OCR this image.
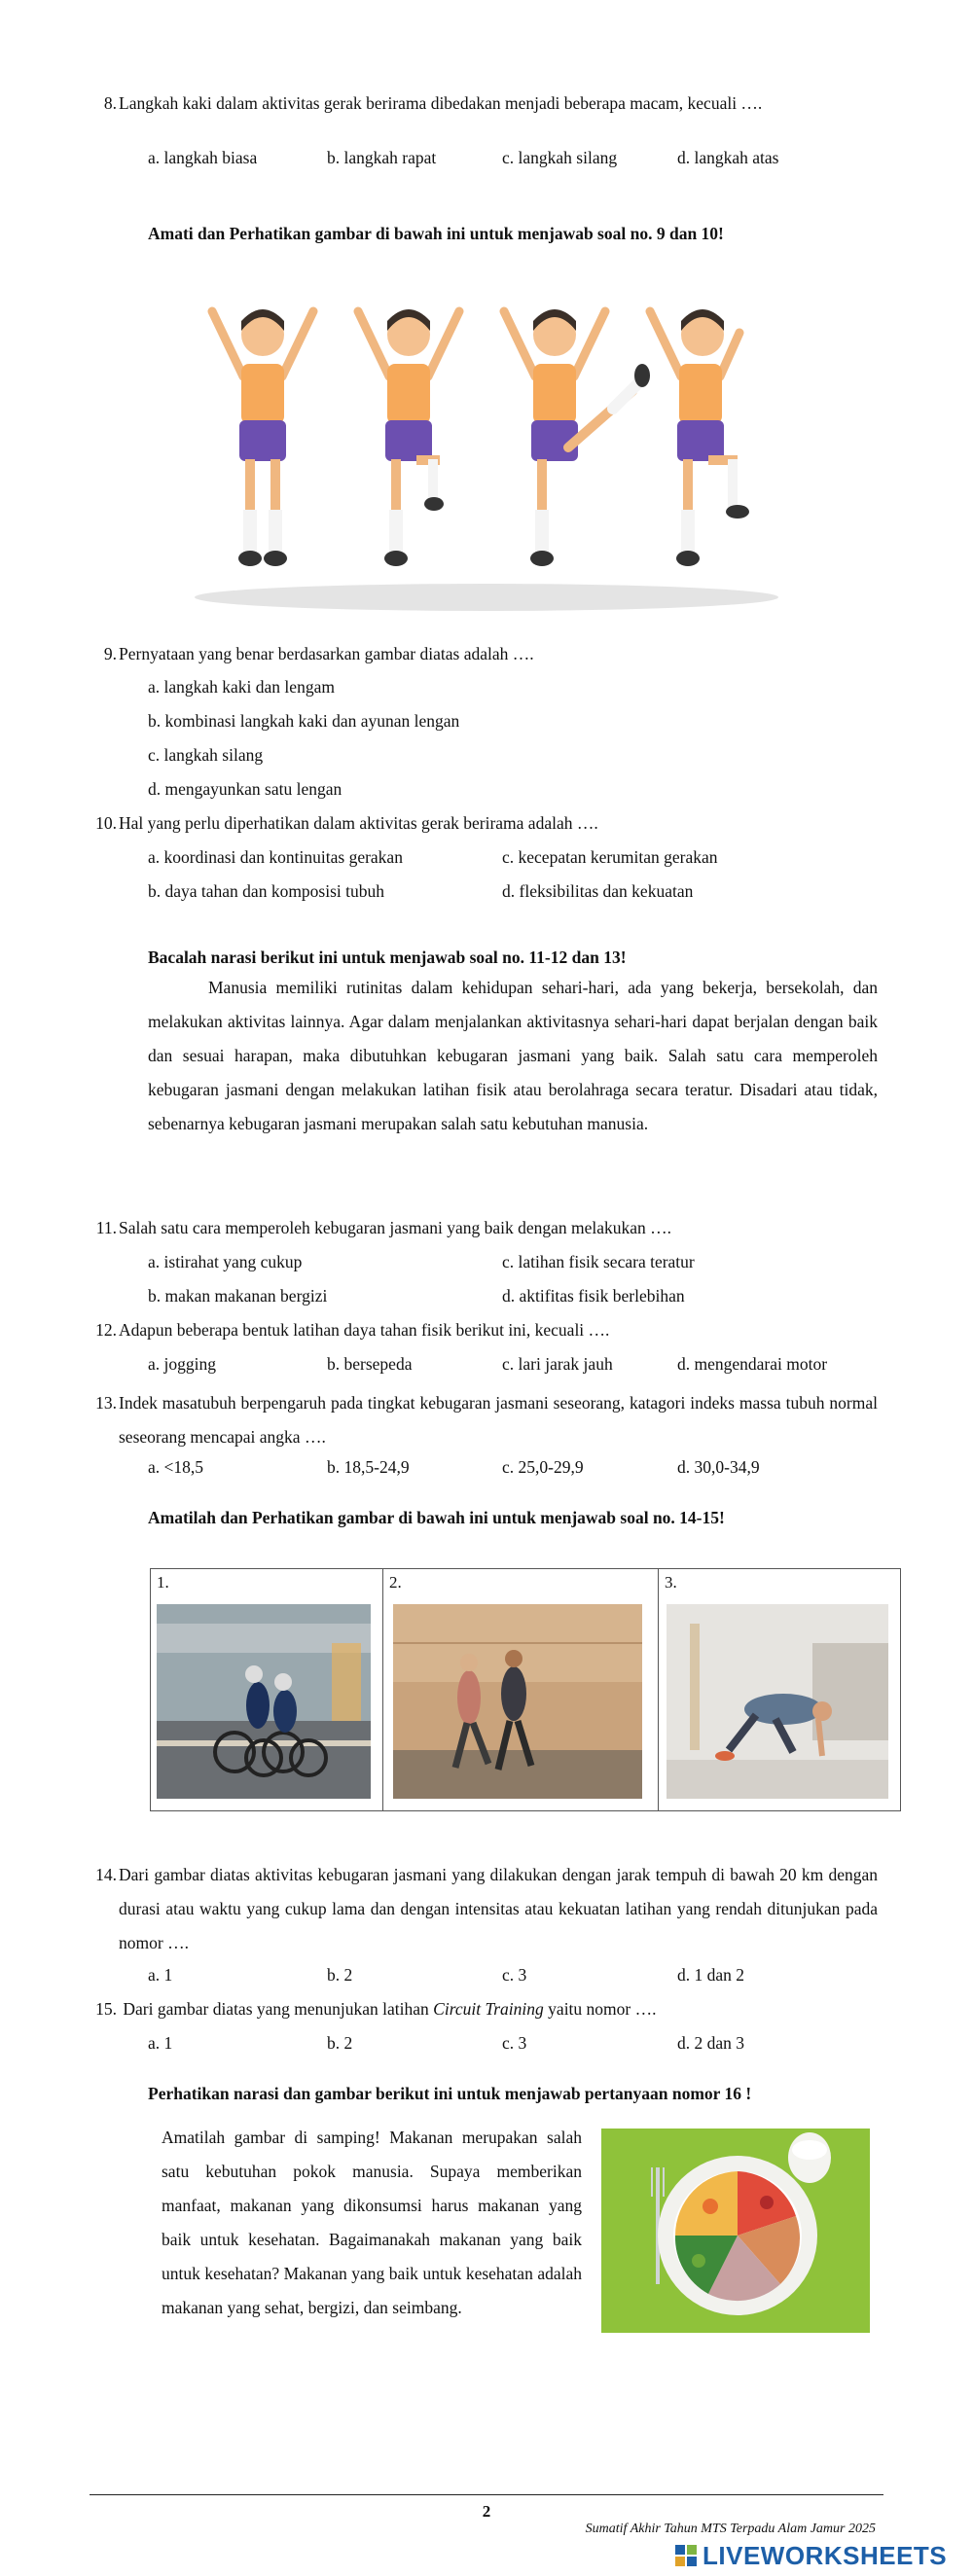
8. Langkah kaki dalam aktivitas gerak berirama dibedakan menjadi beberapa macam, kecuali ….
a. langkah biasa	b. langkah rapat	c. langkah silang	d. langkah atas
Amati dan Perhatikan gambar di bawah ini untuk menjawab soal no. 9 dan 10!
9. Pernyataan yang benar berdasarkan gambar diatas adalah ….
a. langkah kaki dan lengam
b. kombinasi langkah kaki dan ayunan lengan
c. langkah silang
d. mengayunkan satu lengan
10. Hal yang perlu diperhatikan dalam aktivitas gerak berirama adalah ….
a. koordinasi dan kontinuitas gerakan	c. kecepatan kerumitan gerakan
b. daya tahan dan komposisi tubuh	d. fleksibilitas dan kekuatan
Bacalah narasi berikut ini untuk menjawab soal no. 11-12 dan 13!
Manusia memiliki rutinitas dalam kehidupan sehari-hari, ada yang bekerja, bersekolah, dan melakukan aktivitas lainnya. Agar dalam menjalankan aktivitasnya sehari-hari dapat berjalan dengan baik dan sesuai harapan, maka dibutuhkan kebugaran jasmani yang baik. Salah satu cara memperoleh kebugaran jasmani dengan melakukan latihan fisik atau berolahraga secara teratur. Disadari atau tidak, sebenarnya kebugaran jasmani merupakan salah satu kebutuhan manusia.
11. Salah satu cara memperoleh kebugaran jasmani yang baik dengan melakukan ….
a. istirahat yang cukup	c. latihan fisik secara teratur
b. makan makanan bergizi	d. aktifitas fisik berlebihan
12. Adapun beberapa bentuk latihan daya tahan fisik berikut ini, kecuali ….
a. jogging	b. bersepeda	c. lari jarak jauh	d. mengendarai motor
13. Indek masatubuh berpengaruh pada tingkat kebugaran jasmani seseorang, katagori indeks massa tubuh normal seseorang mencapai angka ….
a. <18,5	b. 18,5-24,9	c. 25,0-29,9	d. 30,0-34,9
Amatilah dan Perhatikan gambar di bawah ini untuk menjawab soal no. 14-15!
1.	2.	3.
14. Dari gambar diatas aktivitas kebugaran jasmani yang dilakukan dengan jarak tempuh di bawah 20 km dengan durasi atau waktu yang cukup lama dan dengan intensitas atau kekuatan latihan yang rendah ditunjukan pada nomor ….
a. 1	b. 2	c. 3	d. 1 dan 2
15. Dari gambar diatas yang menunjukan latihan Circuit Training yaitu nomor ….
a. 1	b. 2	c. 3	d. 2 dan 3
Perhatikan narasi dan gambar berikut ini untuk menjawab pertanyaan nomor 16 !
Amatilah gambar di samping! Makanan merupakan salah satu kebutuhan pokok manusia. Supaya memberikan manfaat, makanan yang dikonsumsi harus makanan yang baik untuk kesehatan. Bagaimanakah makanan yang baik untuk kesehatan? Makanan yang baik untuk kesehatan adalah makanan yang sehat, bergizi, dan seimbang.
2
Sumatif Akhir Tahun MTS Terpadu Alam Jamur 2025
LIVEWORKSHEETS
